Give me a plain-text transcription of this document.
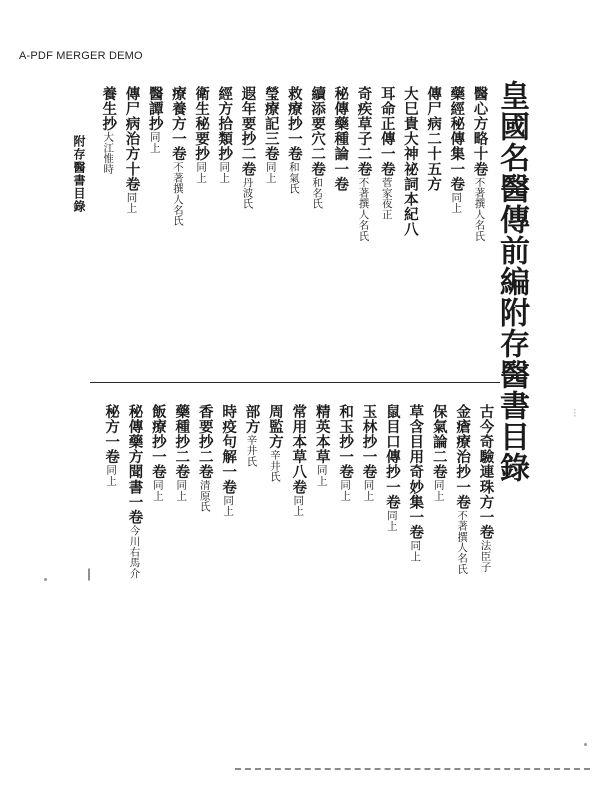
A-PDF MERGER DEMO
皇國名醫傳前編附存醫書目錄
醫心方略十卷不著撰人名氏
藥經秘傳集一卷同上
傳尸病二十五方
大巳貴大神祕詞本紀八
耳命正傳一卷菅家夜正
奇疾草子二卷不著撰人名氏
秘傳藥種論一卷
續添要穴二卷和名氏
救療抄一卷和氣氏
瑩療記三卷同上
遐年要抄二卷丹波氏
經方拾類抄同上
衛生秘要抄同上
療養方一卷不著撰人名氏
醫譚抄同上
傳尸病治方十卷同上
養生抄大江惟時
古今奇驗連珠方一卷法臣子
金瘡療治抄一卷不著撰人名氏
保氣論二卷同上
草含目用奇妙集一卷同上
鼠目口傳抄一卷同上
玉林抄一卷同上
和玉抄一卷同上
精英本草同上
常用本草八卷同上
周監方辛井氏
部方辛井氏
時疫句解一卷同上
香要抄二卷清原氏
藥種抄二卷同上
飯療抄一卷同上
秘傳藥方聞書一卷今川右馬介
秘方一卷同上
附存醫書目錄
⁝
